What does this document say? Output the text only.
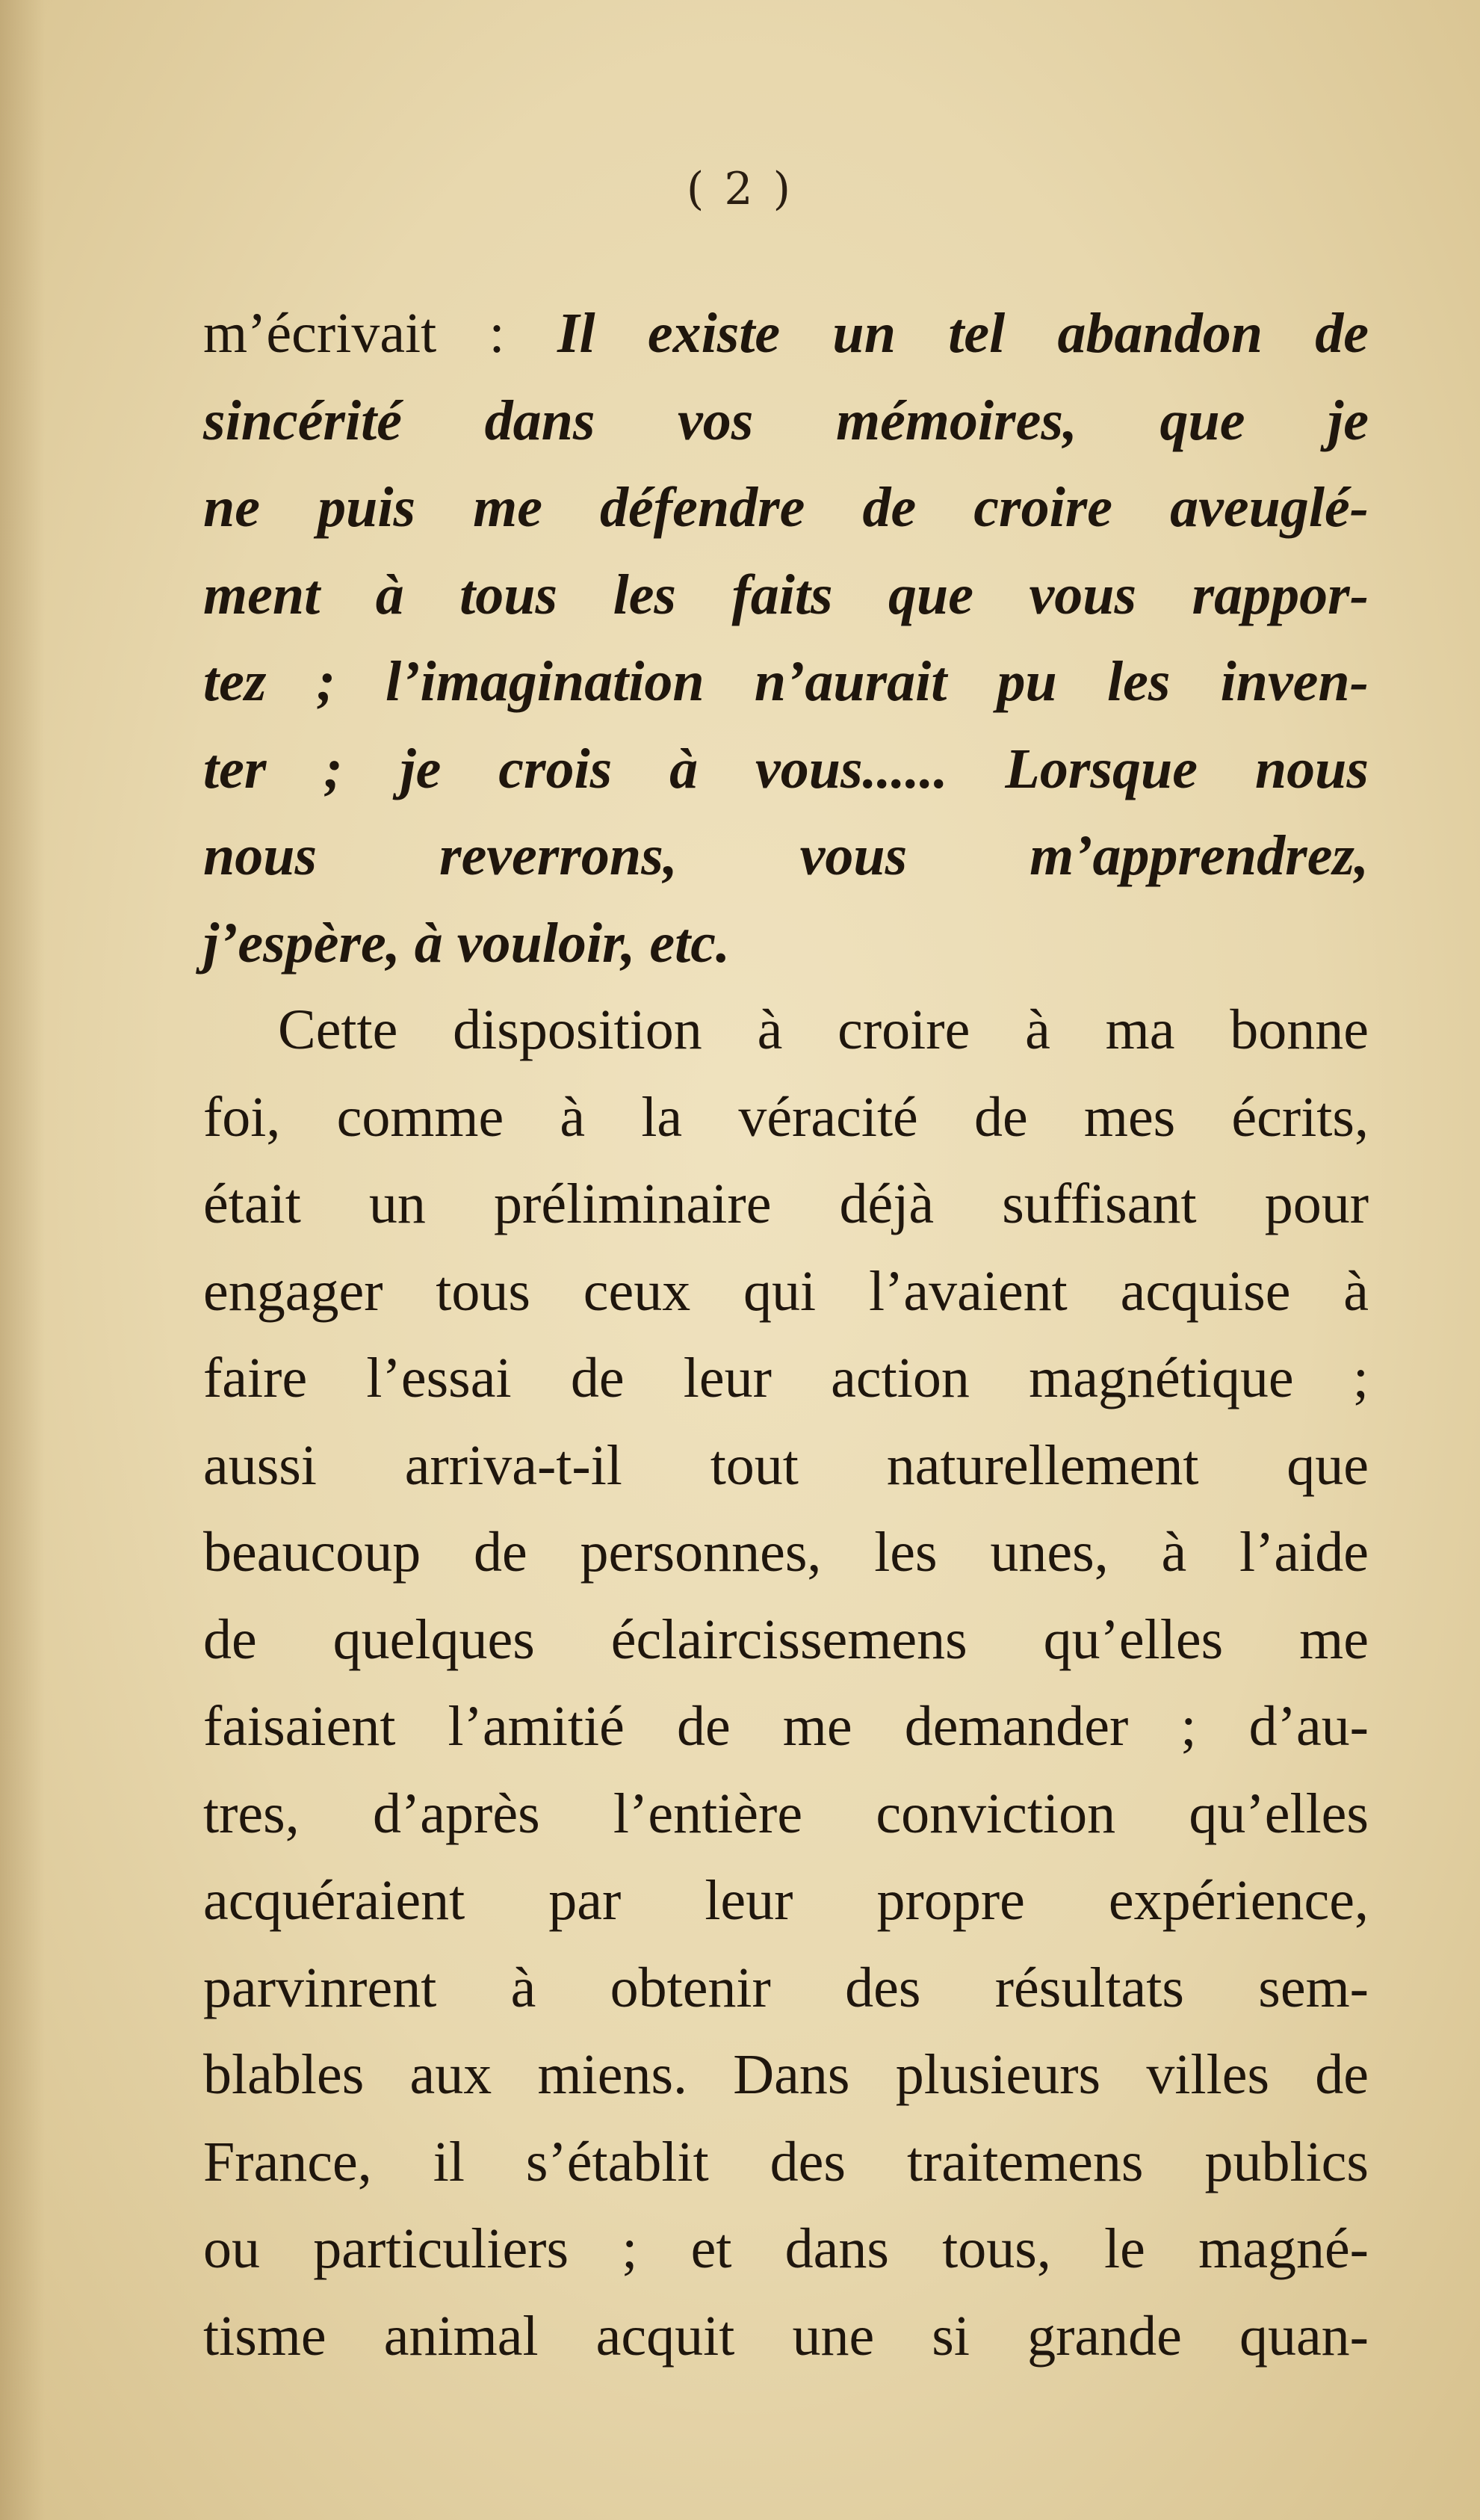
( 2 )
m’écrivait : Il existe un tel abandon de
sincérité dans vos mémoires, que je
ne puis me défendre de croire aveuglé-
ment à tous les faits que vous rappor-
tez ; l’imagination n’aurait pu les inven-
ter ; je crois à vous...... Lorsque nous
nous reverrons, vous m’apprendrez,
j’espère, à vouloir, etc.
Cette disposition à croire à ma bonne
foi, comme à la véracité de mes écrits,
était un préliminaire déjà suffisant pour
engager tous ceux qui l’avaient acquise à
faire l’essai de leur action magnétique ;
aussi arriva-t-il tout naturellement que
beaucoup de personnes, les unes, à l’aide
de quelques éclaircissemens qu’elles me
faisaient l’amitié de me demander ; d’au-
tres, d’après l’entière conviction qu’elles
acquéraient par leur propre expérience,
parvinrent à obtenir des résultats sem-
blables aux miens. Dans plusieurs villes de
France, il s’établit des traitemens publics
ou particuliers ; et dans tous, le magné-
tisme animal acquit une si grande quan-
